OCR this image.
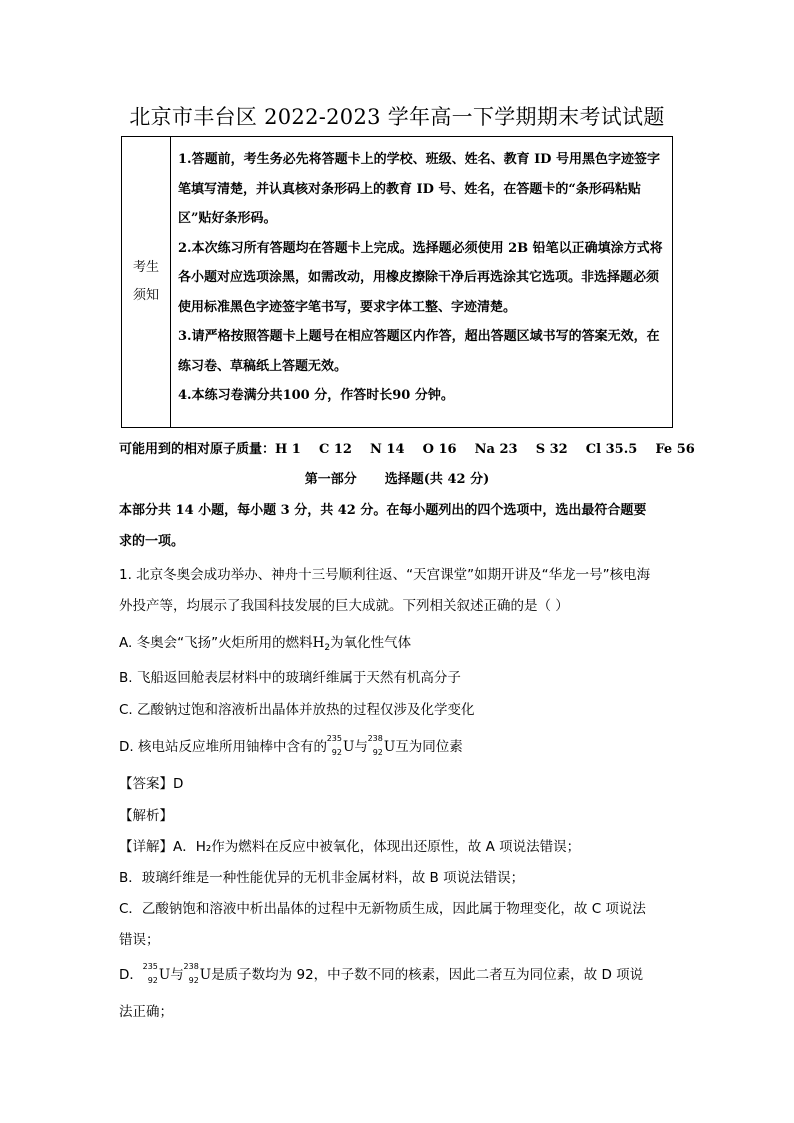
北京市丰台区 2022-2023 学年高一下学期期末考试试题
考生
须知

1.答题前，考生务必先将答题卡上的学校、班级、姓名、教育 ID 号用黑色字迹签字笔填写清楚，并认真核对条形码上的教育 ID 号、姓名，在答题卡的“条形码粘贴区”贴好条形码。

2.本次练习所有答题均在答题卡上完成。选择题必须使用 2B 铅笔以正确填涂方式将各小题对应选项涂黑，如需改动，用橡皮擦除干净后再选涂其它选项。非选择题必须使用标准黑色字迹签字笔书写，要求字体工整、字迹清楚。

3.请严格按照答题卡上题号在相应答题区内作答，超出答题区域书写的答案无效，在练习卷、草稿纸上答题无效。

4.本练习卷满分共100 分，作答时长90 分钟。

可能用到的相对原子质量：H 1    C 12    N 14    O 16    Na 23    S 32    Cl 35.5    Fe 56
第一部分 选择题(共 42 分)
本部分共 14 小题，每小题 3 分，共 42 分。在每小题列出的四个选项中，选出最符合题要
求的一项。
1. 北京冬奥会成功举办、神舟十三号顺利往返、“天宫课堂”如期开讲及“华龙一号”核电海
外投产等，均展示了我国科技发展的巨大成就。下列相关叙述正确的是（ ）
A. 冬奥会“飞扬”火炬所用的燃料$H_2$为氧化性气体
B. 飞船返回舱表层材料中的玻璃纤维属于天然有机高分子
C. 乙酸钠过饱和溶液析出晶体并放热的过程仅涉及化学变化
D. 核电站反应堆所用铀棒中含有的
235
92 U与
238
92 U互为同位素
【答案】D
【解析】
【详解】A．H₂作为燃料在反应中被氧化，体现出还原性，故 A 项说法错误；
B．玻璃纤维是一种性能优异的无机非金属材料，故 B 项说法错误；
C．乙酸钠饱和溶液中析出晶体的过程中无新物质生成，因此属于物理变化，故 C 项说法
错误；
D．
235
92 U与
238
92 U是质子数均为 92，中子数不同的核素，因此二者互为同位素，故 D 项说
法正确；
